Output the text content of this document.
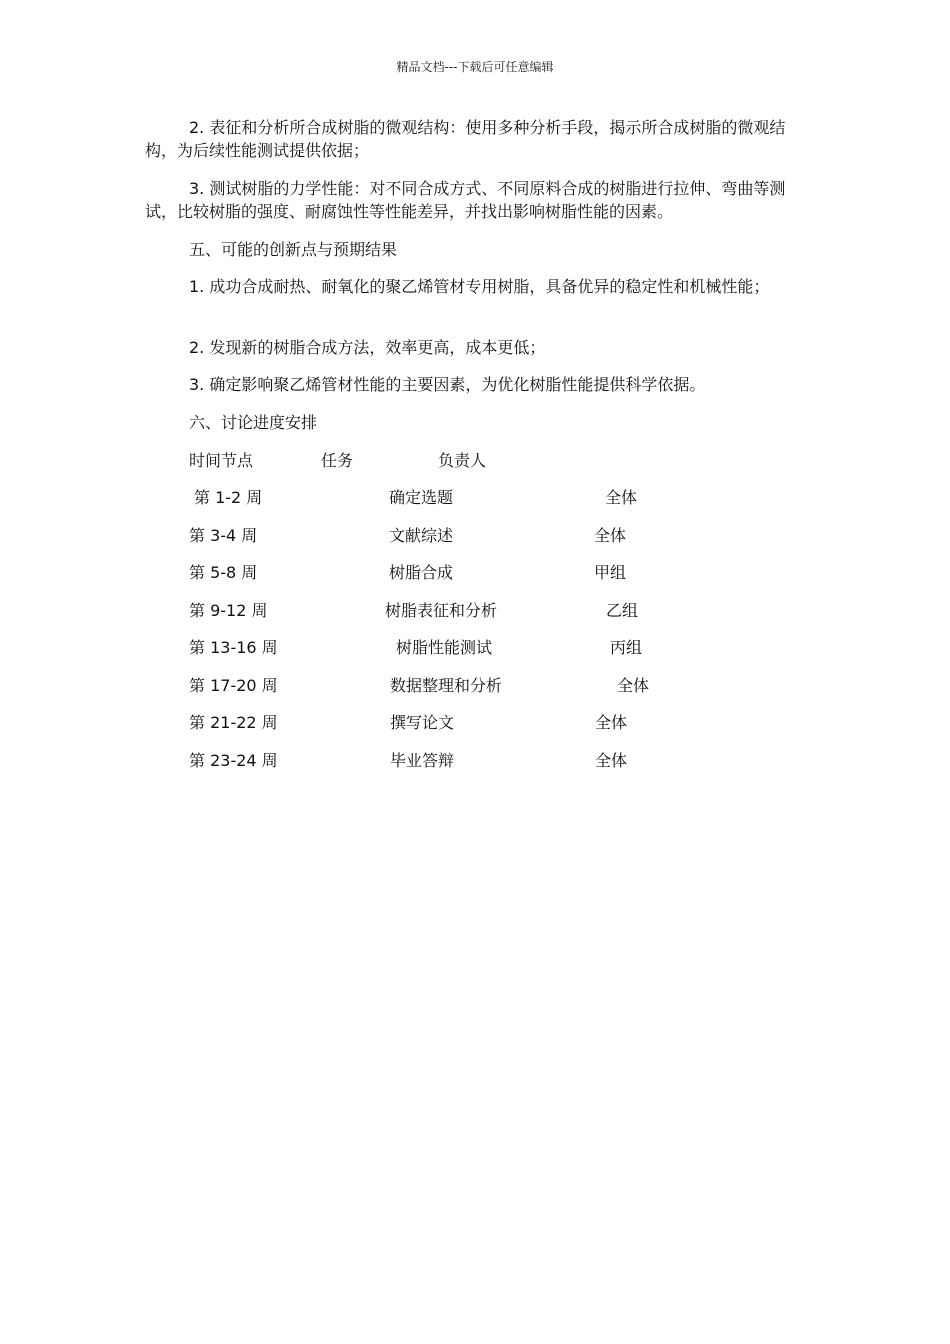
精品文档---下载后可任意编辑

2. 表征和分析所合成树脂的微观结构：使用多种分析手段，揭示所合成树脂的微观结构，为后续性能测试提供依据；

3. 测试树脂的力学性能：对不同合成方式、不同原料合成的树脂进行拉伸、弯曲等测试，比较树脂的强度、耐腐蚀性等性能差异，并找出影响树脂性能的因素。

五、可能的创新点与预期结果

1. 成功合成耐热、耐氧化的聚乙烯管材专用树脂，具备优异的稳定性和机械性能；

2. 发现新的树脂合成方法，效率更高，成本更低；

3. 确定影响聚乙烯管材性能的主要因素，为优化树脂性能提供科学依据。

六、讨论进度安排

时间节点	任务	负责人
第 1-2 周	确定选题	全体
第 3-4 周	文献综述	全体
第 5-8 周	树脂合成	甲组
第 9-12 周	树脂表征和分析	乙组
第 13-16 周	树脂性能测试	丙组
第 17-20 周	数据整理和分析	全体
第 21-22 周	撰写论文	全体
第 23-24 周	毕业答辩	全体
